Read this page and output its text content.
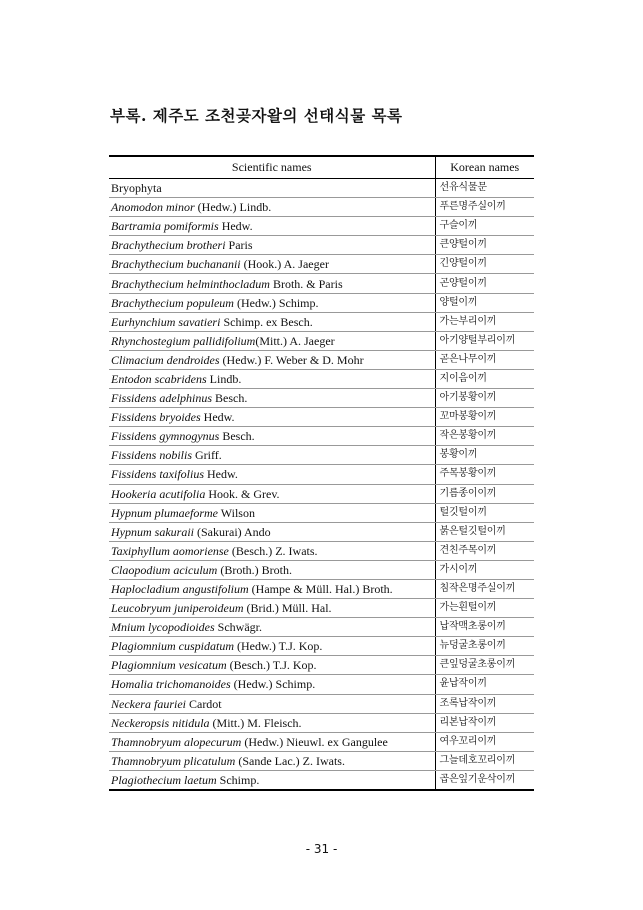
부록. 제주도 조천곶자왈의 선태식물 목록
Scientific names	Korean names
Bryophyta	선유식물문
Anomodon minor (Hedw.) Lindb.	푸른명주실이끼
Bartramia pomiformis Hedw.	구슬이끼
Brachythecium brotheri Paris	큰양털이끼
Brachythecium buchananii (Hook.) A. Jaeger	긴양털이끼
Brachythecium helminthocladum Broth. & Paris	곤양털이끼
Brachythecium populeum (Hedw.) Schimp.	양털이끼
Eurhynchium savatieri Schimp. ex Besch.	가는부리이끼
Rhynchostegium pallidifolium(Mitt.) A. Jaeger	아기양털부리이끼
Climacium dendroides (Hedw.) F. Weber & D. Mohr	곧은나무이끼
Entodon scabridens Lindb.	지이음이끼
Fissidens adelphinus Besch.	아기봉황이끼
Fissidens bryoides Hedw.	꼬마봉황이끼
Fissidens gymnogynus Besch.	작은봉황이끼
Fissidens nobilis Griff.	봉황이끼
Fissidens taxifolius Hedw.	주목봉황이끼
Hookeria acutifolia Hook. & Grev.	기름종이이끼
Hypnum plumaeforme Wilson	털깃털이끼
Hypnum sakuraii (Sakurai) Ando	붉은털깃털이끼
Taxiphyllum aomoriense (Besch.) Z. Iwats.	견친주목이끼
Claopodium aciculum (Broth.) Broth.	가시이끼
Haplocladium angustifolium (Hampe & Müll. Hal.) Broth.	침작은명주실이끼
Leucobryum juniperoideum (Brid.) Müll. Hal.	가는흰털이끼
Mnium lycopodioides Schwägr.	납작맥초롱이끼
Plagiomnium cuspidatum (Hedw.) T.J. Kop.	뉴덩굴초롱이끼
Plagiomnium vesicatum (Besch.) T.J. Kop.	큰잎덩굴초롱이끼
Homalia trichomanoides (Hedw.) Schimp.	윤납작이끼
Neckera fauriei Cardot	조록납작이끼
Neckeropsis nitidula (Mitt.) M. Fleisch.	리본납작이끼
Thamnobryum alopecurum (Hedw.) Nieuwl. ex Gangulee	여우꼬리이끼
Thamnobryum plicatulum (Sande Lac.) Z. Iwats.	그늘데호꼬리이끼
Plagiothecium laetum Schimp.	곱은잎기운삭이끼
- 31 -
